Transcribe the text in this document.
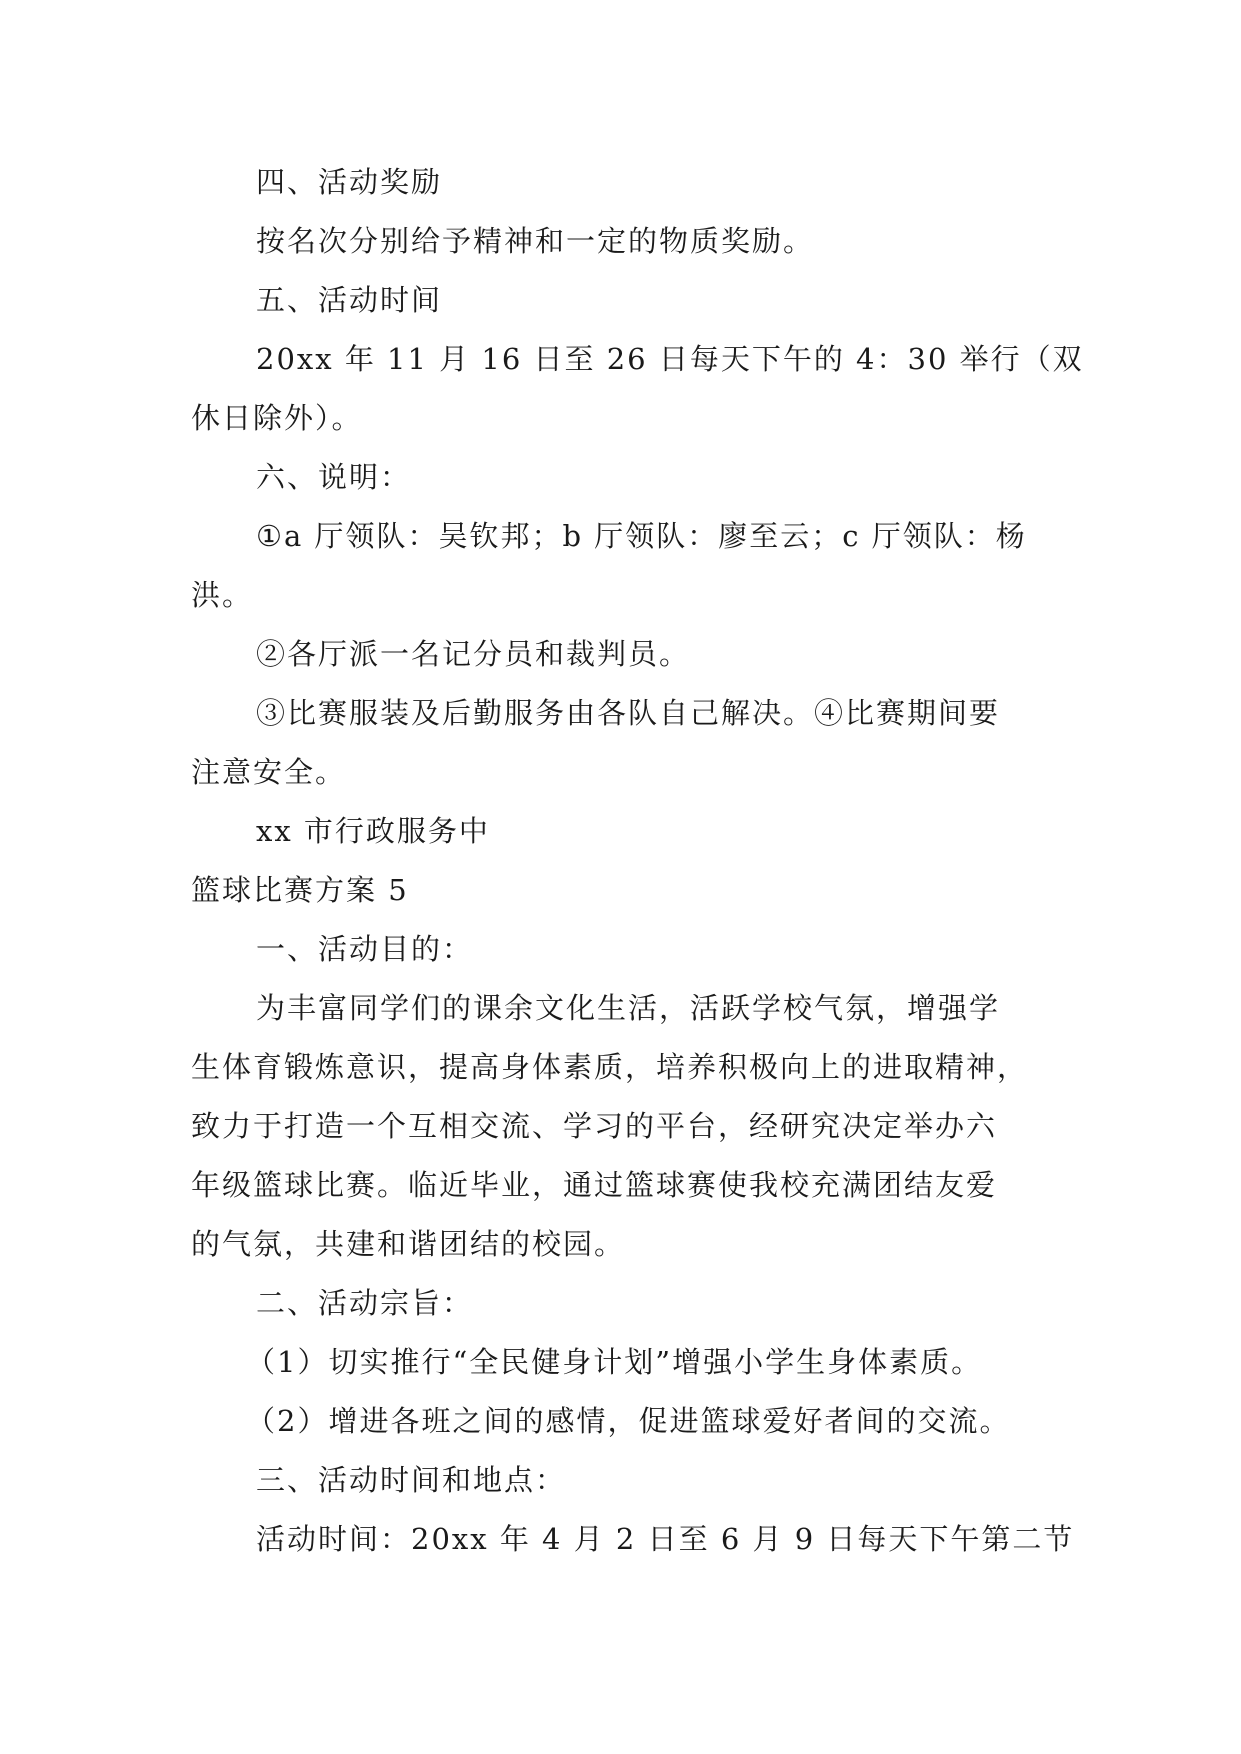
四、活动奖励
按名次分别给予精神和一定的物质奖励。
五、活动时间
20xx 年 11 月 16 日至 26 日每天下午的 4：30 举行（双
休日除外）。
六、说明：
①a 厅领队：吴钦邦；b 厅领队：廖至云；c 厅领队：杨
洪。
②各厅派一名记分员和裁判员。
③比赛服装及后勤服务由各队自己解决。④比赛期间要
注意安全。
xx 市行政服务中
篮球比赛方案 5
一、活动目的：
为丰富同学们的课余文化生活，活跃学校气氛，增强学
生体育锻炼意识，提高身体素质，培养积极向上的进取精神，
致力于打造一个互相交流、学习的平台，经研究决定举办六
年级篮球比赛。临近毕业，通过篮球赛使我校充满团结友爱
的气氛，共建和谐团结的校园。
二、活动宗旨：
（1）切实推行“全民健身计划”增强小学生身体素质。
（2）增进各班之间的感情，促进篮球爱好者间的交流。
三、活动时间和地点：
活动时间：20xx 年 4 月 2 日至 6 月 9 日每天下午第二节
